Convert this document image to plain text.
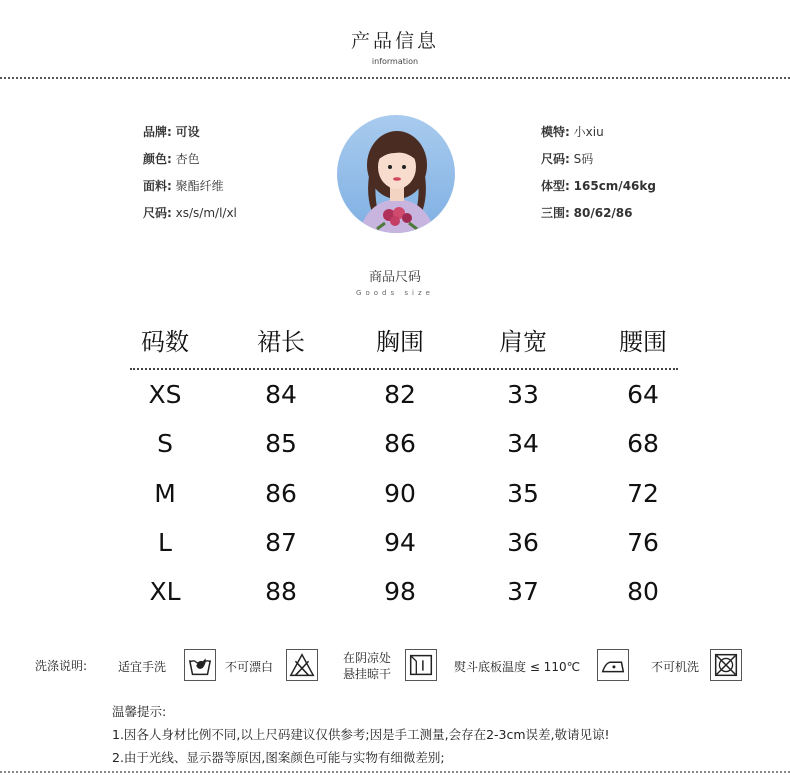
产品信息
information
品牌: 可设
颜色: 杏色
面料: 聚酯纤维
尺码: xs/s/m/l/xl
模特: 小xiu
尺码: S码
体型: 165cm/46kg
三围: 80/62/86
商品尺码
Goods size
码数	裙长	胸围	肩宽	腰围
XS	84	82	33	64
S	85	86	34	68
M	86	90	35	72
L	87	94	36	76
XL	88	98	37	80
洗涤说明:	适宜手洗	不可漂白
在阴凉处
悬挂晾干	熨斗底板温度 ≤ 110℃	不可机洗
温馨提示:
1.因各人身材比例不同,以上尺码建议仅供参考;因是手工测量,会存在2-3cm误差,敬请见谅!
2.由于光线、显示器等原因,图案颜色可能与实物有细微差别;
